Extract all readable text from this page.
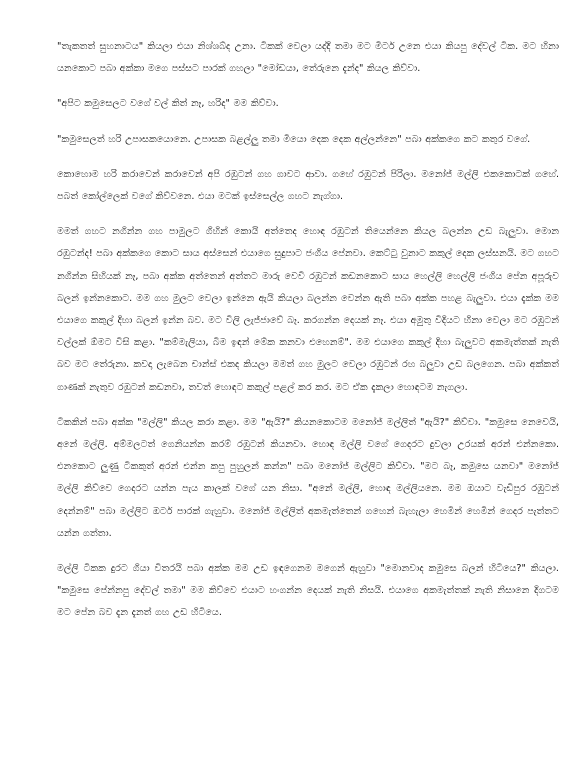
"තැකතත් සුහනාටය" කියලා එයා නිශ්ශබ්ද උනා. ටිකක් වෙලා යද්දි තමා මට මීටර් උනෙ එයා කියපු දේවල් ටික. මට හිනා යනකොට පබා අක්කා මගෙ පස්සට පාරක් ගහලා "මෝඩයා, තේරුනෙ දැන්ද" කියල කිව්වා.

"අපිට කමුසෙලට වගේ වල් කිත් නෑ, හරිද" මම කිව්වා.

"කමුසෙලත් හරි උපාසකයොනෙ. උපාසක බළල්ලු තමා මීයො දෙක දෙක අල්ලන්නෙ" පබා අක්කගෙ කට කතුර වගේ.

කොහොම හරි කරාවෙන් කරාවෙන් අපි රඹුටන් ගහ ගාවට ආවා. ගහේ රඹුටන් පිරිලා. මනෝජ් මල්ලි එකකොටක් ගහේ. පබත් කෝල්ලෙක් වගේ කිව්වනෙ. එයා මටක් ඉස්සෙල්ල ගහට නැග්ගා.

මමත් ගහට නගින්න ගහ පාමුලට ගිහින් කොයි අත්තෙද හොඳ රඹුටන් තියෙන්නෙ කියල බලන්න උඩ බැලුවා. මොන රඹුටන්ද! පබා අක්කගෙ කොට සාය අස්සෙන් එයාගෙ සුදුපාට ජංගිය පේනවා. කෙට්ටු වුනාට කකුල් දෙක ලස්සනයි. මට ගහට නගින්න සිහියක් නෑ, පබා අක්ක අත්තෙන් අත්තට මාරු වෙවී රඹුටන් කඩනකොට සාය හෙල්ලි හෙල්ලි ජංගිය පේන අපූරුව බලන් ඉන්නකොට. මම ගහ මුලට වෙලා ඉන්නෙ ඇයි කියලා බලන්න වෙන්න ඇති පබා අක්ක පහළ බැලුවා. එයා දැක්ක මම එයාගෙ කකුල් දිහා බලන් ඉන්න බව. මට විලි ලැජ්ජාවේ බෑ. කරගන්න දෙයක් නෑ. එයා අමුතු විදියට හිනා වෙලා මට රඹුටන් වල්ලක් ඕමට විසි කළා. "කම්මැලියා, බිම ඉඳන් මේක කනවා එහෙනම්". මම එයාගෙ කකුල් දිහා බැලුවට අකමැත්තක් නැති බව මට තේරුනා. කවදා ලැබෙන චාන්ස් එකද කියලා මමත් ගහ මුලට වෙලා රඹුටන් රහ බලුවා උඩ බලගෙන. පබා අක්කත් ගාණක් නැතුව රඹුටන් කඩනවා, තවත් හොඳට කකුල් පළල් කර කර. මට ඒක දැකලා හොඳටම නැගලා.

ටිකකින් පබා අක්ක "මල්ලි" කියල කරා කළා. මම "ඇයි?" කියනකොටම මනෝජ් මල්ලිත් "ඇයි?" කිව්වා. "කමුසෙ නෙවෙයි, අනේ මල්ලි. අම්මලටත් ගෙනියන්න කරම් රඹුටන් කියනවා. හොඳ මල්ලි වගේ ගෙදරට දුවලා උරයක් අරන් එන්නකො. එනකොට ලුණු ටිකකුත් අරන් එන්න කපු පුහුලන් කන්න" පබා මනෝජ් මල්ලිට කිව්වා. "මට බෑ, කමුසෙ යනවා" මනෝජ් මල්ලි කිව්වෙ ගෙදරට යන්න පැය කාලක් වගේ යන නිසා. "අනේ මල්ලි, හොඳ මල්ලියනෙ. මම ඔයාට වැඩිපුර රඹුටන් දෙන්නම්" පබා මල්ලිට ඔටර් පාරක් ගැහුවා. මනෝජ් මල්ලිත් අකමැත්තෙන් ගහෙන් බැහැලා හෙමින් හෙමින් ගෙදර පැත්තට යන්න ගත්තා.

මල්ලි ටිකක දුරට ගියා විතරයි පබා අක්ක මම උඩ ඉඳගෙනම මගෙන් ඇහුවා "මොනවාද කමුසෙ බලන් හිටියෙ?" කියලා. "කමුසෙ පේන්නපු දේවල් තමා" මම කිව්වෙ එයාට හංගන්න දෙයක් නැති නිසයි. එයාගෙ අකමැත්තක් නැති නිසානෙ දිගටම මට පේන බව දැන දැනත් ගහ උඩ හිටියෙ.
